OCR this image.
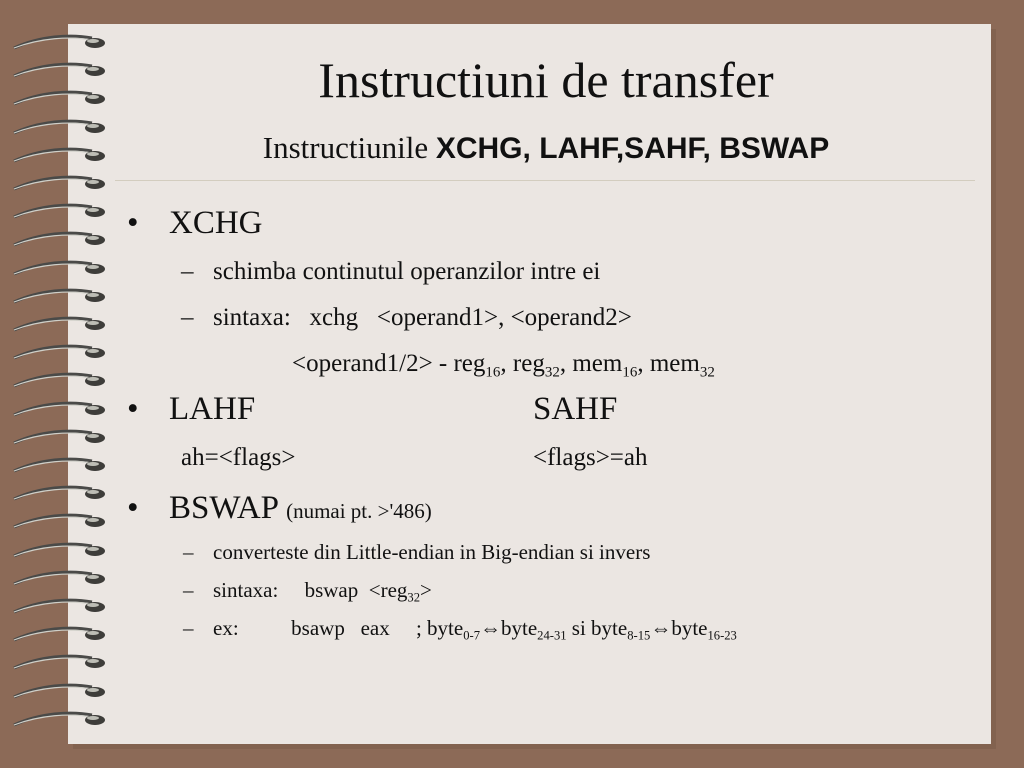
Instructiuni de transfer
Instructiunile XCHG, LAHF,SAHF, BSWAP
• XCHG
– schimba continutul operanzilor intre ei
– sintaxa:   xchg   <operand1>, <operand2>
<operand1/2> - reg$_{16}$, reg$_{32}$, mem$_{16}$, mem$_{32}$
• LAHF	SAHF
ah=<flags>	<flags>=ah
• BSWAP (numai pt. >'486)
– converteste din Little-endian in Big-endian si invers
– sintaxa:     bswap  <reg$_{32}$>
– ex:          bsawp   eax     ; byte$_{0-7}$⇔byte$_{24-31}$ si byte$_{8-15}$⇔byte$_{16-23}$
